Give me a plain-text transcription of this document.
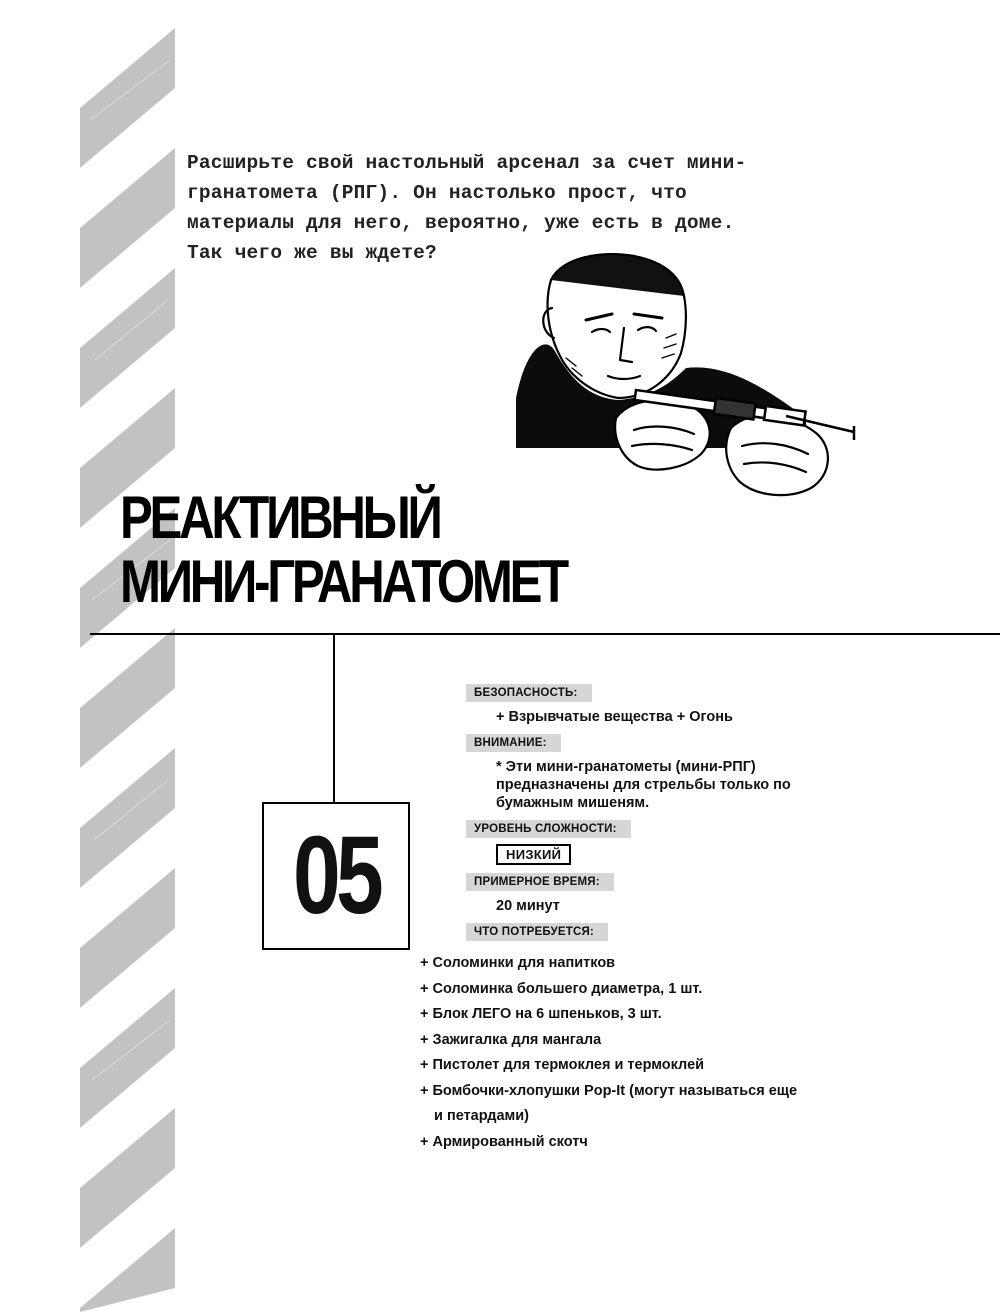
Расширьте свой настольный арсенал за счет мини-
гранатомета (РПГ). Он настолько прост, что
материалы для него, вероятно, уже есть в доме.
Так чего же вы ждете?
РЕАКТИВНЫЙ
МИНИ-ГРАНАТОМЕТ
05
БЕЗОПАСНОСТЬ:
+ Взрывчатые вещества + Огонь
ВНИМАНИЕ:
* Эти мини-гранатометы (мини-РПГ)
предназначены для стрельбы только по
бумажным мишеням.
УРОВЕНЬ СЛОЖНОСТИ:
НИЗКИЙ
ПРИМЕРНОЕ ВРЕМЯ:
20 минут
ЧТО ПОТРЕБУЕТСЯ:
+ Соломинки для напитков
+ Соломинка большего диаметра, 1 шт.
+ Блок ЛЕГО на 6 шпеньков, 3 шт.
+ Зажигалка для мангала
+ Пистолет для термоклея и термоклей
+ Бомбочки-хлопушки Pop-It (могут называться еще
и петардами)
+ Армированный скотч
